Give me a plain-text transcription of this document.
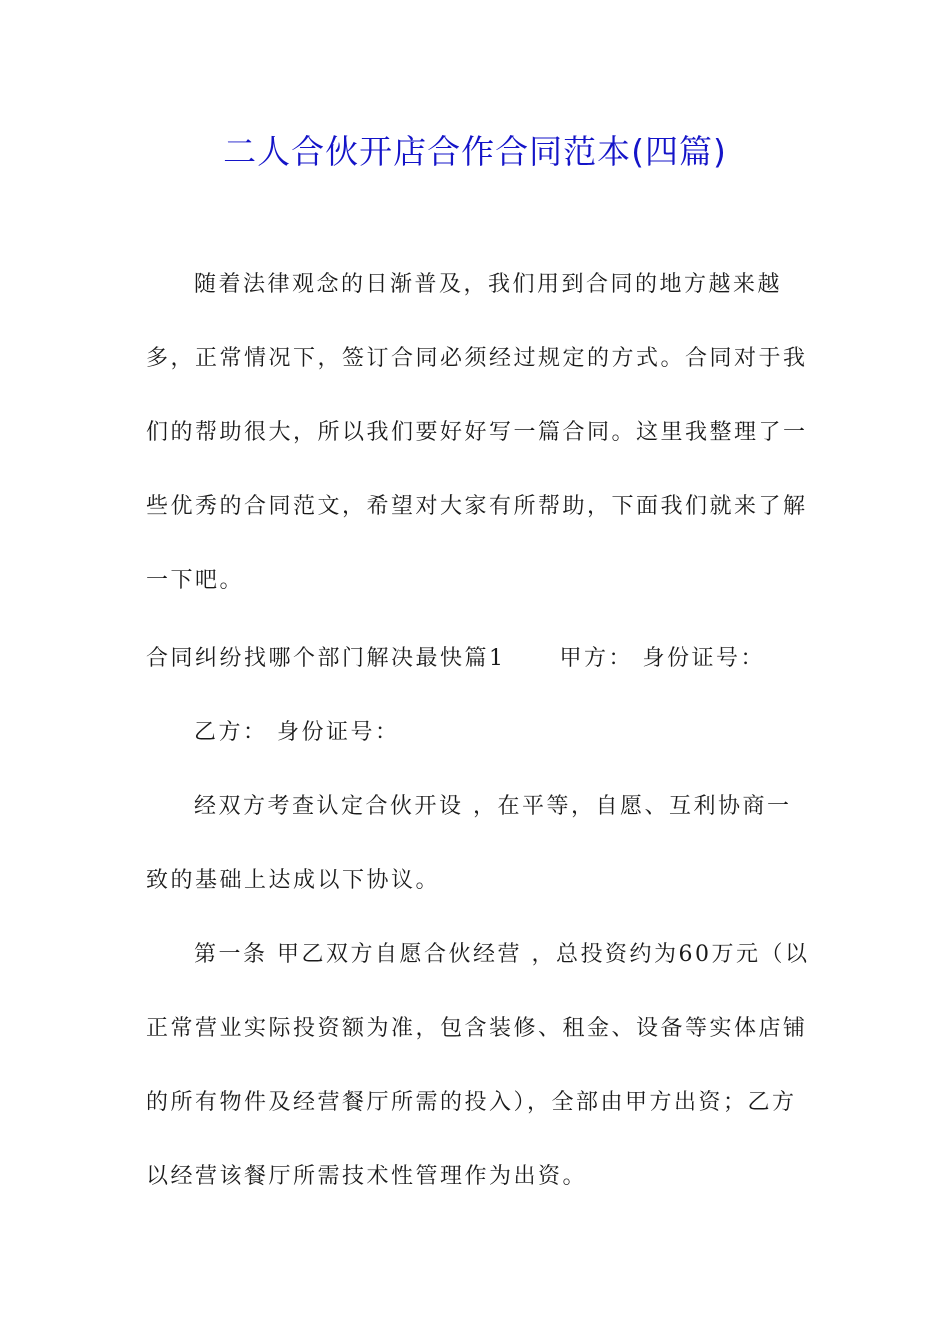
二人合伙开店合作合同范本(四篇)

随着法律观念的日渐普及，我们用到合同的地方越来越多，正常情况下，签订合同必须经过规定的方式。合同对于我们的帮助很大，所以我们要好好写一篇合同。这里我整理了一些优秀的合同范文，希望对大家有所帮助，下面我们就来了解一下吧。

合同纠纷找哪个部门解决最快篇1 甲方： 身份证号：

乙方： 身份证号：

经双方考查认定合伙开设 ，在平等，自愿、互利协商一致的基础上达成以下协议。

第一条 甲乙双方自愿合伙经营 ，总投资约为60万元（以正常营业实际投资额为准，包含装修、租金、设备等实体店铺的所有物件及经营餐厅所需的投入），全部由甲方出资；乙方以经营该餐厅所需技术性管理作为出资。
